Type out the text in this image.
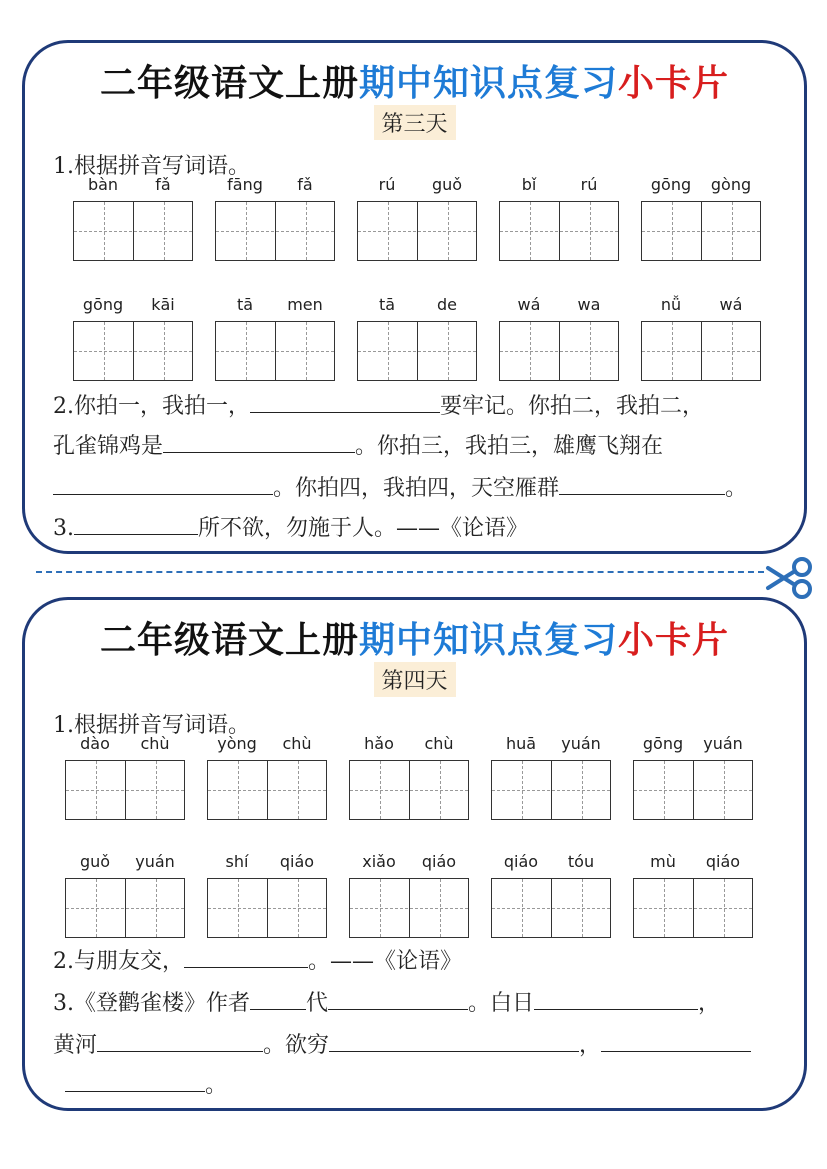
二年级语文上册期中知识点复习小卡片
第三天
1.根据拼音写词语。
2.你拍一，我拍一，	要牢记。你拍二，我拍二，
孔雀锦鸡是	。你拍三，我拍三，雄鹰飞翔在
。你拍四，我拍四，天空雁群	。
3.	所不欲，勿施于人。——《论语》
bàn	fǎ	fāng	fǎ	rú	guǒ	bǐ	rú	gōng	gòng
gōng	kāi	tā	men	tā	de	wá	wa	nǚ	wá
二年级语文上册期中知识点复习小卡片
第四天
1.根据拼音写词语。
2.与朋友交，	。——《论语》
3.《登鹳雀楼》作者	代	。白日	，
黄河	。欲穷	，
。
dào	chù	yòng	chù	hǎo	chù	huā	yuán	gōng	yuán
guǒ	yuán	shí	qiáo	xiǎo	qiáo	qiáo	tóu	mù	qiáo
